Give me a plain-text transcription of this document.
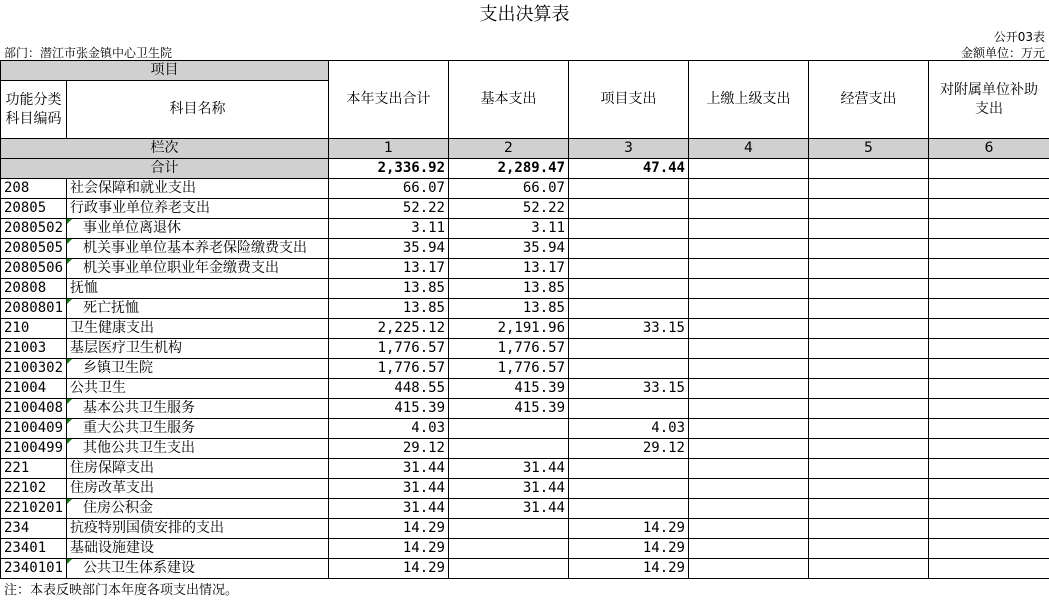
支出决算表
公开03表
部门：潜江市张金镇中心卫生院	金额单位：万元
项目		本年支出合计	基本支出	项目支出	上缴上级支出	经营支出	对附属单位补助
支出
功能分类
科目编码	科目名称						
栏次		1	2	3	4	5	6
合计		2,336.92	2,289.47	47.44			
208	社会保障和就业支出	66.07	66.07				
20805	行政事业单位养老支出	52.22	52.22				
2080502	事业单位离退休	3.11	3.11				
2080505	机关事业单位基本养老保险缴费支出	35.94	35.94				
2080506	机关事业单位职业年金缴费支出	13.17	13.17				
20808	抚恤	13.85	13.85				
2080801	死亡抚恤	13.85	13.85				
210	卫生健康支出	2,225.12	2,191.96	33.15			
21003	基层医疗卫生机构	1,776.57	1,776.57				
2100302	乡镇卫生院	1,776.57	1,776.57				
21004	公共卫生	448.55	415.39	33.15			
2100408	基本公共卫生服务	415.39	415.39				
2100409	重大公共卫生服务	4.03		4.03			
2100499	其他公共卫生支出	29.12		29.12			
221	住房保障支出	31.44	31.44				
22102	住房改革支出	31.44	31.44				
2210201	住房公积金	31.44	31.44				
234	抗疫特别国债安排的支出	14.29		14.29			
23401	基础设施建设	14.29		14.29			
2340101	公共卫生体系建设	14.29		14.29			
注：本表反映部门本年度各项支出情况。
